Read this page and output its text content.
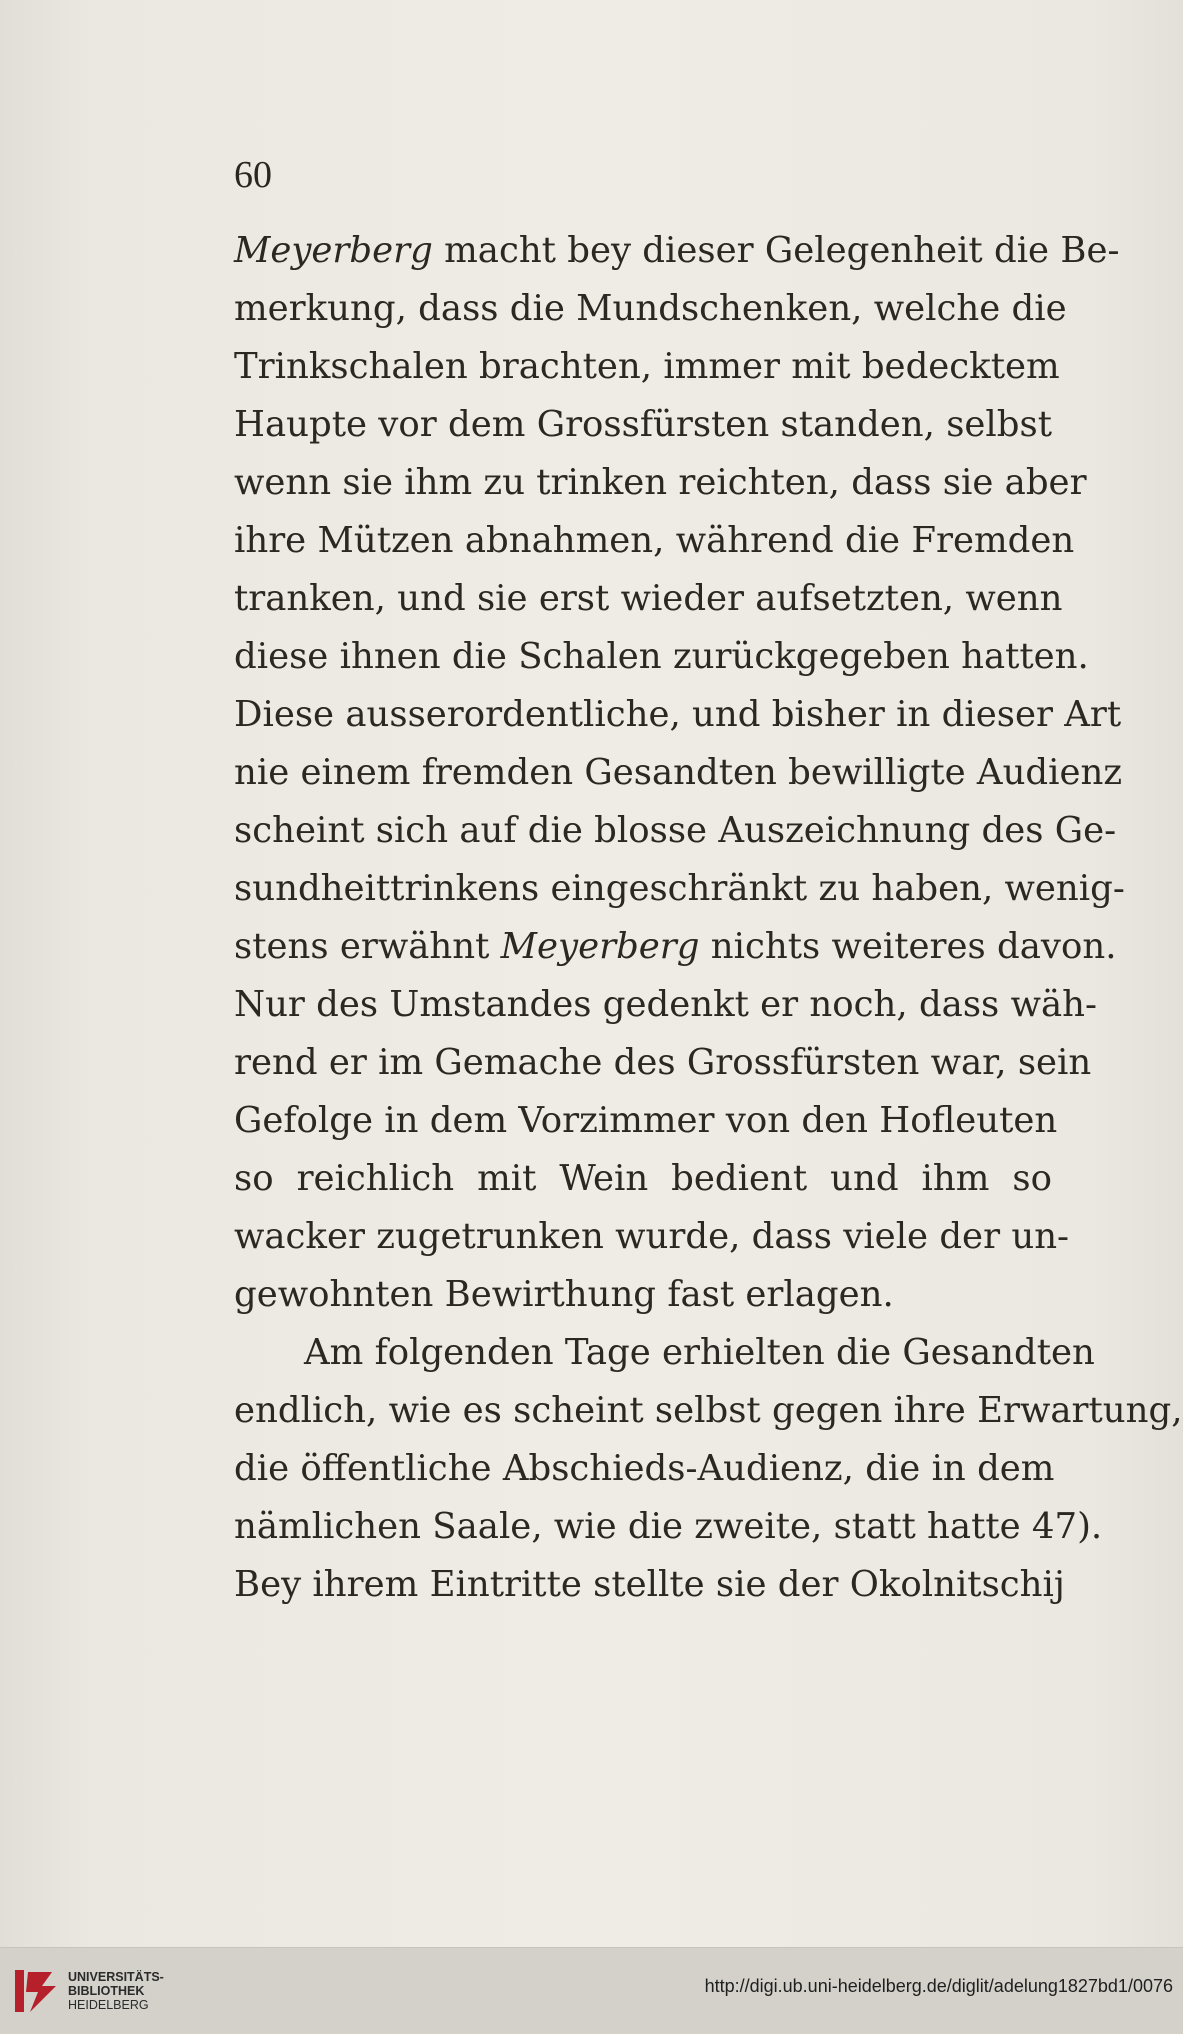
60
Meyerberg macht bey dieser Gelegenheit die Be-
merkung, dass die Mundschenken, welche die
Trinkschalen brachten, immer mit bedecktem
Haupte vor dem Grossfürsten standen, selbst
wenn sie ihm zu trinken reichten, dass sie aber
ihre Mützen abnahmen, während die Fremden
tranken, und sie erst wieder aufsetzten, wenn
diese ihnen die Schalen zurückgegeben hatten.
Diese ausserordentliche, und bisher in dieser Art
nie einem fremden Gesandten bewilligte Audienz
scheint sich auf die blosse Auszeichnung des Ge-
sundheittrinkens eingeschränkt zu haben, wenig-
stens erwähnt Meyerberg nichts weiteres davon.
Nur des Umstandes gedenkt er noch, dass wäh-
rend er im Gemache des Grossfürsten war, sein
Gefolge in dem Vorzimmer von den Hofleuten
so reichlich mit Wein bedient und ihm so
wacker zugetrunken wurde, dass viele der un-
gewohnten Bewirthung fast erlagen.
Am folgenden Tage erhielten die Gesandten
endlich, wie es scheint selbst gegen ihre Erwartung,
die öffentliche Abschieds-Audienz, die in dem
nämlichen Saale, wie die zweite, statt hatte 47).
Bey ihrem Eintritte stellte sie der Okolnitschij
UNIVERSITÄTS-
BIBLIOTHEK
HEIDELBERG
http://digi.ub.uni-heidelberg.de/diglit/adelung1827bd1/0076
